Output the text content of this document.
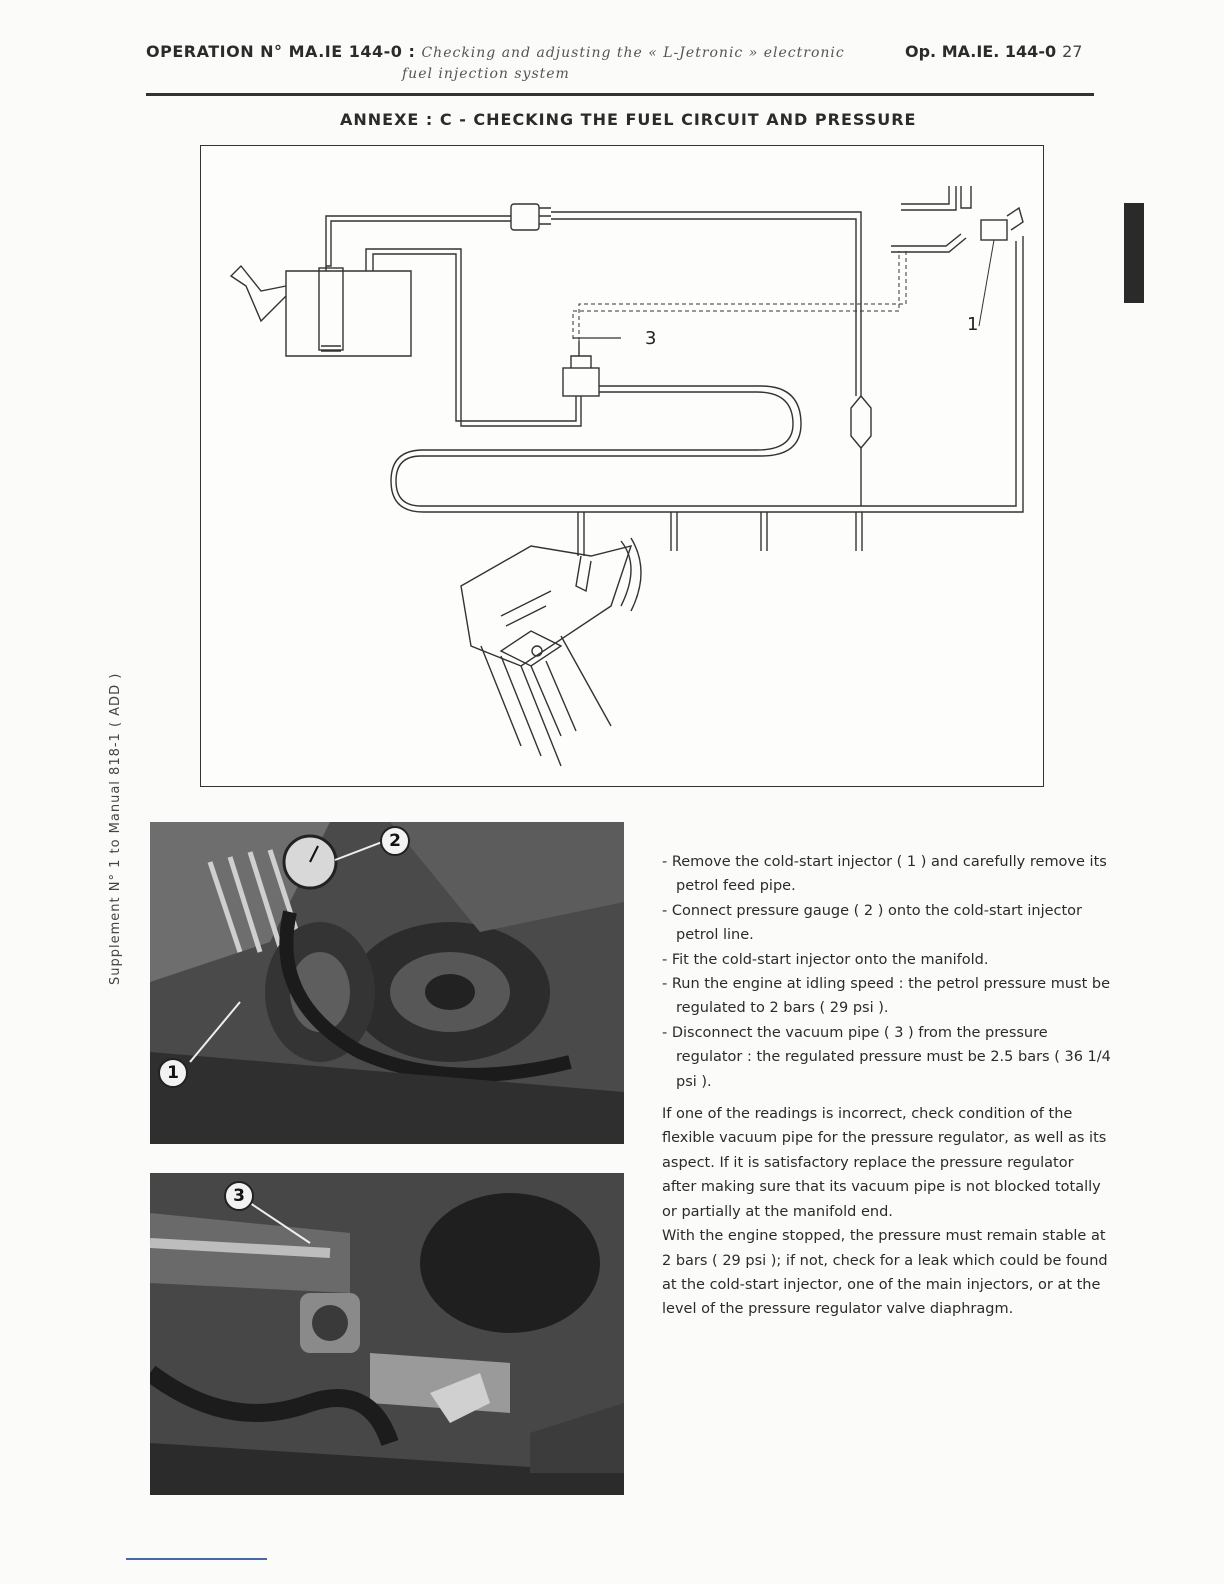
OPERATION N° MA.IE 144-0 : Checking and adjusting the « L-Jetronic » electronic
fuel injection system
Op. MA.IE. 144-0 27
ANNEXE : C - CHECKING THE FUEL CIRCUIT AND PRESSURE
3
1
Supplement N° 1 to Manual 818-1 ( ADD )	2
1
3

- Remove the cold-start injector ( 1 ) and carefully remove its petrol feed pipe.

- Connect pressure gauge ( 2 ) onto the cold-start injector petrol line.

- Fit the cold-start injector onto the manifold.

- Run the engine at idling speed : the petrol pressure must be regulated to 2 bars ( 29 psi ).

- Disconnect the vacuum pipe ( 3 ) from the pressure regulator : the regulated pressure must be 2.5 bars ( 36 1/4 psi ).

If one of the readings is incorrect, check condition of the flexible vacuum pipe for the pressure regulator, as well as its aspect. If it is satisfactory replace the pressure regulator after making sure that its vacuum pipe is not blocked totally or partially at the manifold end.

With the engine stopped, the pressure must remain stable at 2 bars ( 29 psi ); if not, check for a leak which could be found at the cold-start injector, one of the main injectors, or at the level of the pressure regulator valve diaphragm.
